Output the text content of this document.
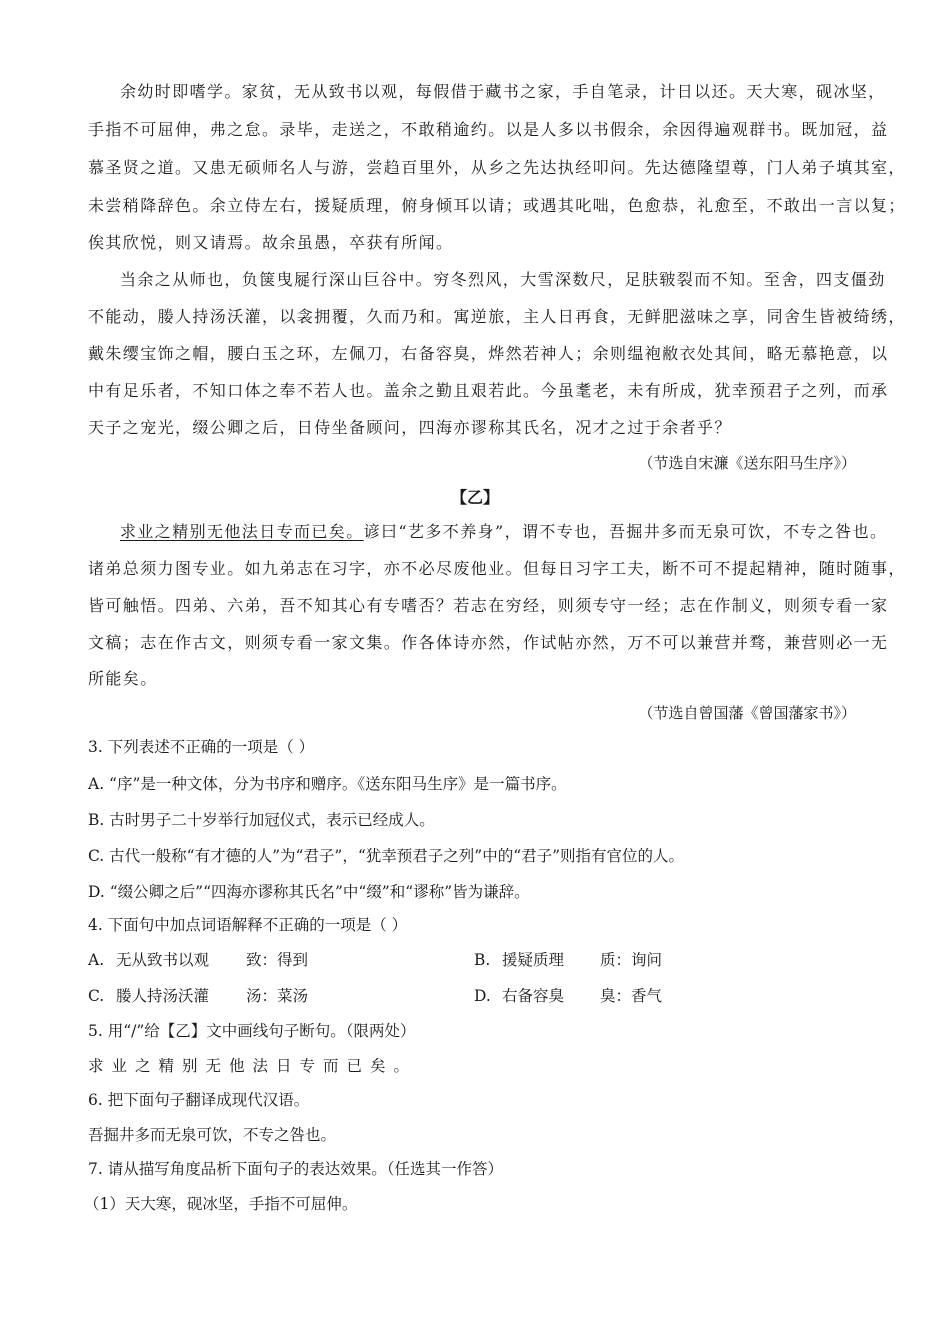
余幼时即嗜学。家贫，无从致书以观，每假借于藏书之家，手自笔录，计日以还。天大寒，砚冰坚，
手指不可屈伸，弗之怠。录毕，走送之，不敢稍逾约。以是人多以书假余，余因得遍观群书。既加冠，益
慕圣贤之道。又患无硕师名人与游，尝趋百里外，从乡之先达执经叩问。先达德隆望尊，门人弟子填其室，
未尝稍降辞色。余立侍左右，援疑质理，俯身倾耳以请；或遇其叱咄，色愈恭，礼愈至，不敢出一言以复；
俟其欣悦，则又请焉。故余虽愚，卒获有所闻。
当余之从师也，负箧曳屣行深山巨谷中。穷冬烈风，大雪深数尺，足肤皲裂而不知。至舍，四支僵劲
不能动，媵人持汤沃灌，以衾拥覆，久而乃和。寓逆旅，主人日再食，无鲜肥滋味之享，同舍生皆被绮绣，
戴朱缨宝饰之帽，腰白玉之环，左佩刀，右备容臭，烨然若神人；余则缊袍敝衣处其间，略无慕艳意，以
中有足乐者，不知口体之奉不若人也。盖余之勤且艰若此。今虽耄老，未有所成，犹幸预君子之列，而承
天子之宠光，缀公卿之后，日侍坐备顾问，四海亦谬称其氏名，况才之过于余者乎？
（节选自宋濂《送东阳马生序》）
【乙】
求业之精别无他法日专而已矣。谚曰“艺多不养身”，谓不专也，吾掘井多而无泉可饮，不专之咎也。
诸弟总须力图专业。如九弟志在习字，亦不必尽废他业。但每日习字工夫，断不可不提起精神，随时随事，
皆可触悟。四弟、六弟，吾不知其心有专嗜否？若志在穷经，则须专守一经；志在作制义，则须专看一家
文稿；志在作古文，则须专看一家文集。作各体诗亦然，作试帖亦然，万不可以兼营并骛，兼营则必一无
所能矣。
（节选自曾国藩《曾国藩家书》）
3. 下列表述不正确的一项是（ ）
A. “序”是一种文体，分为书序和赠序。《送东阳马生序》是一篇书序。
B. 古时男子二十岁举行加冠仪式，表示已经成人。
C. 古代一般称“有才德的人”为“君子”，“犹幸预君子之列”中的“君子”则指有官位的人。
D. “缀公卿之后”“四海亦谬称其氏名”中“缀”和“谬称”皆为谦辞。
4. 下面句中加点词语解释不正确的一项是（ ）
A. 无从致书以观 致：得到	B. 援疑质理 质：询问
C. 媵人持汤沃灌 汤：菜汤	D. 右备容臭 臭：香气
5. 用“/”给【乙】文中画线句子断句。（限两处）
求业之精别无他法日专而已矣。
6. 把下面句子翻译成现代汉语。
吾掘井多而无泉可饮，不专之咎也。
7. 请从描写角度品析下面句子的表达效果。（任选其一作答）
（1）天大寒，砚冰坚，手指不可屈伸。
